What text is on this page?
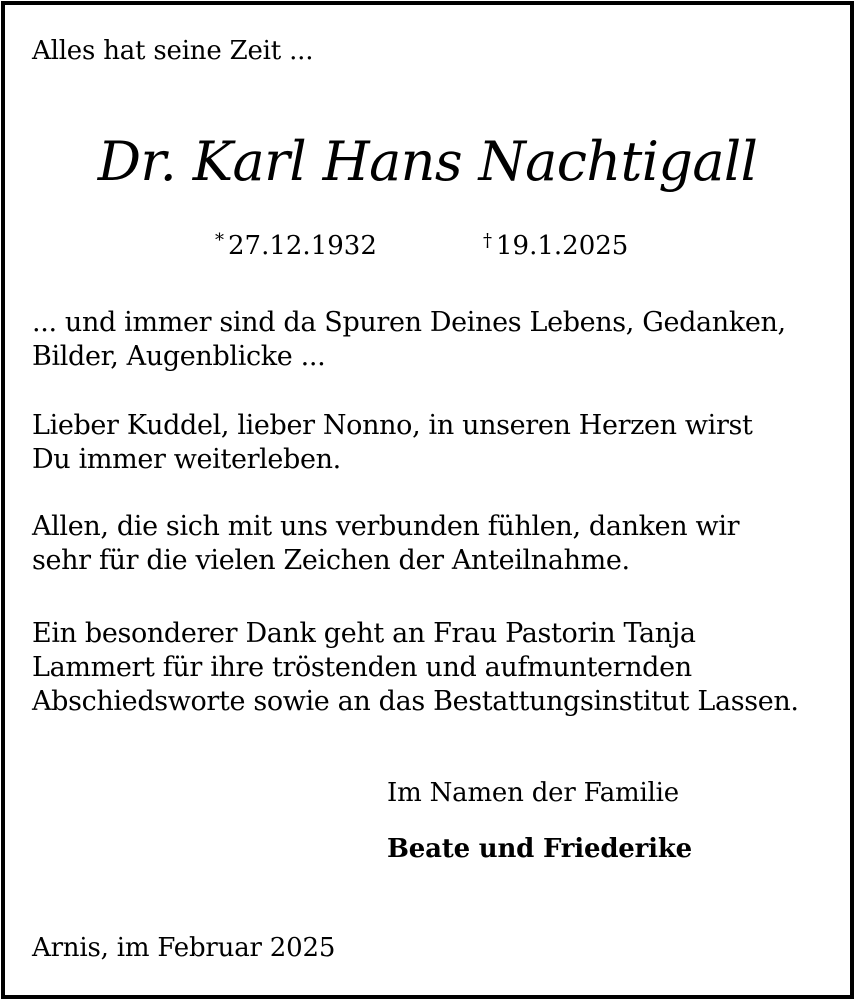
Alles hat seine Zeit ...
Dr. Karl Hans Nachtigall
* 27.12.1932	† 19.1.2025
... und immer sind da Spuren Deines Lebens, Gedanken,
Bilder, Augenblicke ...
Lieber Kuddel, lieber Nonno, in unseren Herzen wirst
Du immer weiterleben.
Allen, die sich mit uns verbunden fühlen, danken wir
sehr für die vielen Zeichen der Anteilnahme.
Ein besonderer Dank geht an Frau Pastorin Tanja
Lammert für ihre tröstenden und aufmunternden
Abschiedsworte sowie an das Bestattungsinstitut Lassen.
Im Namen der Familie
Beate und Friederike
Arnis, im Februar 2025
